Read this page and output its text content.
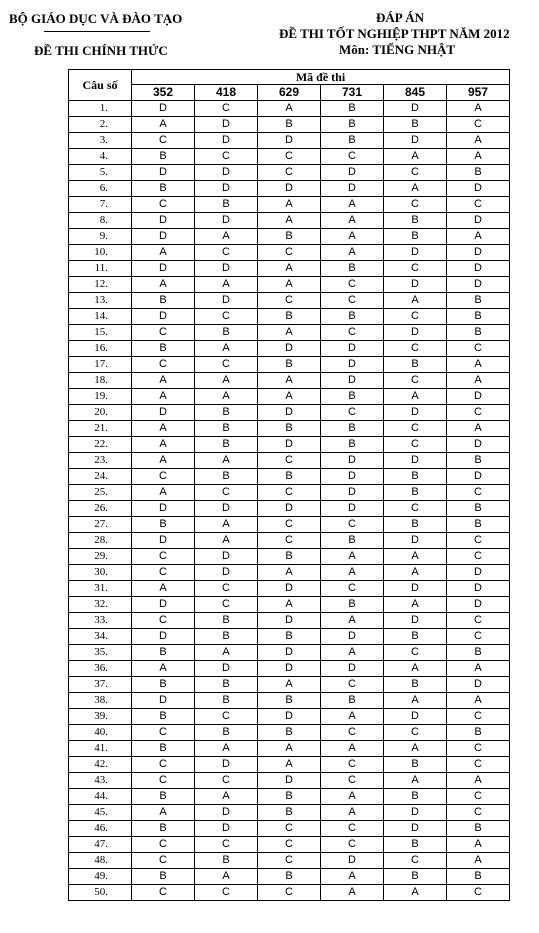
BỘ GIÁO DỤC VÀ ĐÀO TẠO
ĐỀ THI CHÍNH THỨC
ĐÁP ÁN
ĐỀ THI TỐT NGHIỆP THPT NĂM 2012
Môn: TIẾNG NHẬT
Câu số	Mã đề thi					
	352	418	629	731	845	957
1.	D	C	A	B	D	A
2.	A	D	B	B	B	C
3.	C	D	D	B	D	A
4.	B	C	C	C	A	A
5.	D	D	C	D	C	B
6.	B	D	D	D	A	D
7.	C	B	A	A	C	C
8.	D	D	A	A	B	D
9.	D	A	B	A	B	A
10.	A	C	C	A	D	D
11.	D	D	A	B	C	D
12.	A	A	A	C	D	D
13.	B	D	C	C	A	B
14.	D	C	B	B	C	B
15.	C	B	A	C	D	B
16.	B	A	D	D	C	C
17.	C	C	B	D	B	A
18.	A	A	A	D	C	A
19.	A	A	A	B	A	D
20.	D	B	D	C	D	C
21.	A	B	B	B	C	A
22.	A	B	D	B	C	D
23.	A	A	C	D	D	B
24.	C	B	B	D	B	D
25.	A	C	C	D	B	C
26.	D	D	D	D	C	B
27.	B	A	C	C	B	B
28.	D	A	C	B	D	C
29.	C	D	B	A	A	C
30.	C	D	A	A	A	D
31.	A	C	D	C	D	D
32.	D	C	A	B	A	D
33.	C	B	D	A	D	C
34.	D	B	B	D	B	C
35.	B	A	D	A	C	B
36.	A	D	D	D	A	A
37.	B	B	A	C	B	D
38.	D	B	B	B	A	A
39.	B	C	D	A	D	C
40.	C	B	B	C	C	B
41.	B	A	A	A	A	C
42.	C	D	A	C	B	C
43.	C	C	D	C	A	A
44.	B	A	B	A	B	C
45.	A	D	B	A	D	C
46.	B	D	C	C	D	B
47.	C	C	C	C	B	A
48.	C	B	C	D	C	A
49.	B	A	B	A	B	B
50.	C	C	C	A	A	C
